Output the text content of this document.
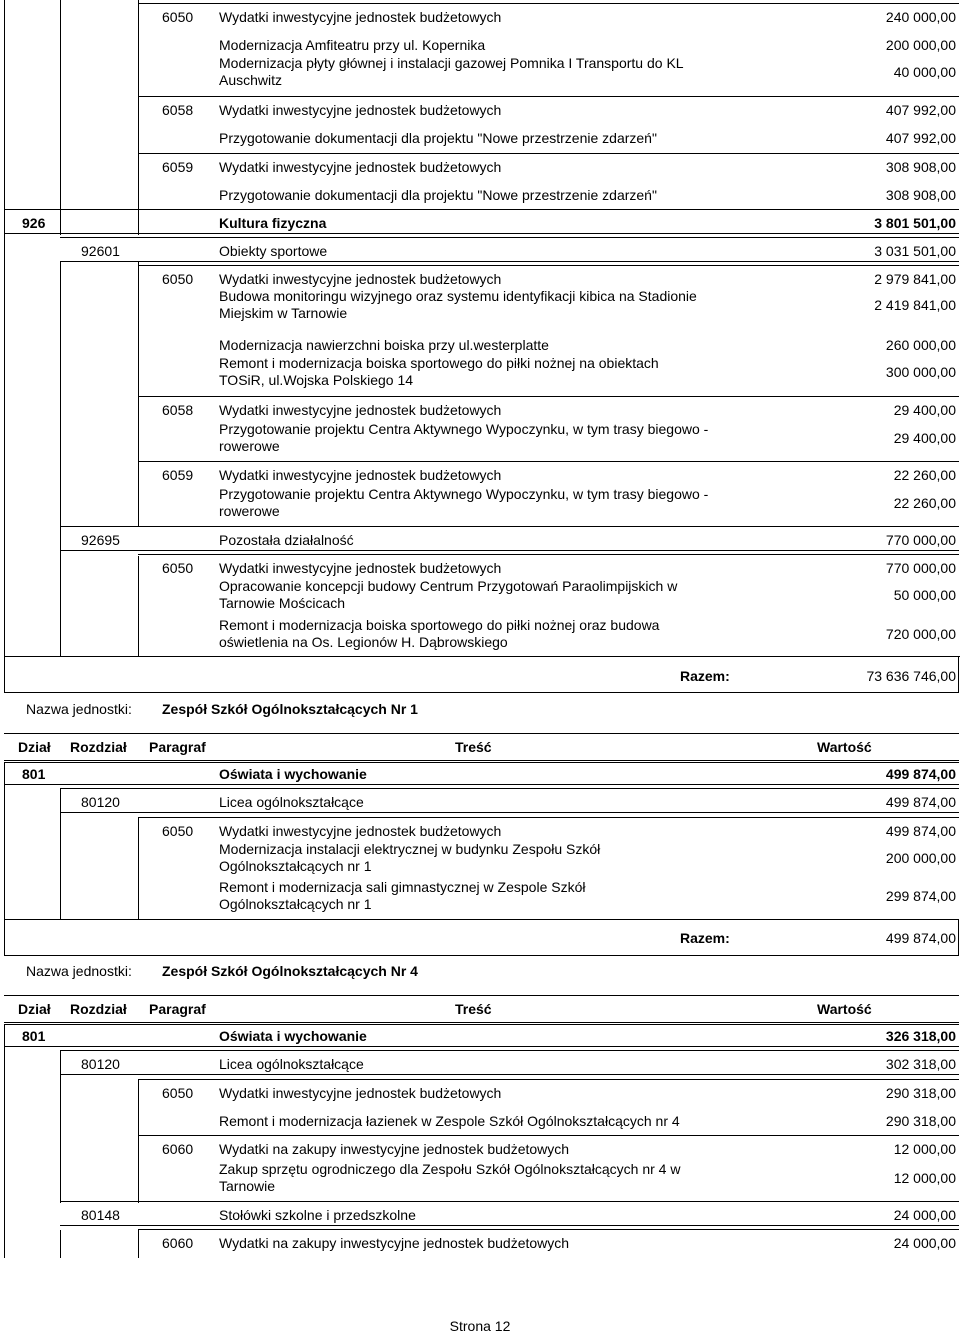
6050 Wydatki inwestycyjne jednostek budżetowych	240 000,00
Modernizacja Amfiteatru przy ul. Kopernika	200 000,00
Modernizacja płyty głównej i instalacji gazowej Pomnika I Transportu do KL
Auschwitz	40 000,00
6058 Wydatki inwestycyjne jednostek budżetowych	407 992,00
Przygotowanie dokumentacji dla projektu "Nowe przestrzenie zdarzeń"	407 992,00
6059 Wydatki inwestycyjne jednostek budżetowych	308 908,00
Przygotowanie dokumentacji dla projektu "Nowe przestrzenie zdarzeń"	308 908,00
926	Kultura fizyczna	3 801 501,00
92601	Obiekty sportowe	3 031 501,00
6050 Wydatki inwestycyjne jednostek budżetowych	2 979 841,00
Budowa monitoringu wizyjnego oraz systemu identyfikacji kibica na Stadionie
Miejskim w Tarnowie	2 419 841,00
Modernizacja nawierzchni boiska przy ul.westerplatte	260 000,00
Remont i modernizacja boiska sportowego do piłki nożnej na obiektach
TOSiR, ul.Wojska Polskiego 14	300 000,00
6058 Wydatki inwestycyjne jednostek budżetowych	29 400,00
Przygotowanie projektu Centra Aktywnego Wypoczynku, w tym trasy biegowo -
rowerowe	29 400,00
6059 Wydatki inwestycyjne jednostek budżetowych	22 260,00
Przygotowanie projektu Centra Aktywnego Wypoczynku, w tym trasy biegowo -
rowerowe	22 260,00
92695	Pozostała działalność	770 000,00
6050 Wydatki inwestycyjne jednostek budżetowych	770 000,00
Opracowanie koncepcji budowy Centrum Przygotowań Paraolimpijskich w
Tarnowie Mościcach	50 000,00
Remont i modernizacja boiska sportowego do piłki nożnej oraz budowa
oświetlenia na Os. Legionów H. Dąbrowskiego	720 000,00
Razem:	73 636 746,00
Nazwa jednostki: Zespół Szkół Ogólnokształcących Nr 1
Dział Rozdział Paragraf	Treść	Wartość
801	Oświata i wychowanie	499 874,00
80120	Licea ogólnokształcące	499 874,00
6050 Wydatki inwestycyjne jednostek budżetowych	499 874,00
Modernizacja instalacji elektrycznej w budynku Zespołu Szkół
Ogólnokształcących nr 1	200 000,00
Remont i modernizacja sali gimnastycznej w Zespole Szkół
Ogólnokształcących nr 1	299 874,00
Razem:	499 874,00
Nazwa jednostki: Zespół Szkół Ogólnokształcących Nr 4
Dział Rozdział Paragraf	Treść	Wartość
801	Oświata i wychowanie	326 318,00
80120	Licea ogólnokształcące	302 318,00
6050 Wydatki inwestycyjne jednostek budżetowych	290 318,00
Remont i modernizacja łazienek w Zespole Szkół Ogólnokształcących nr 4	290 318,00
6060 Wydatki na zakupy inwestycyjne jednostek budżetowych	12 000,00
Zakup sprzętu ogrodniczego dla Zespołu Szkół Ogólnokształcących nr 4 w
Tarnowie	12 000,00
80148	Stołówki szkolne i przedszkolne	24 000,00
6060 Wydatki na zakupy inwestycyjne jednostek budżetowych	24 000,00
Strona 12
